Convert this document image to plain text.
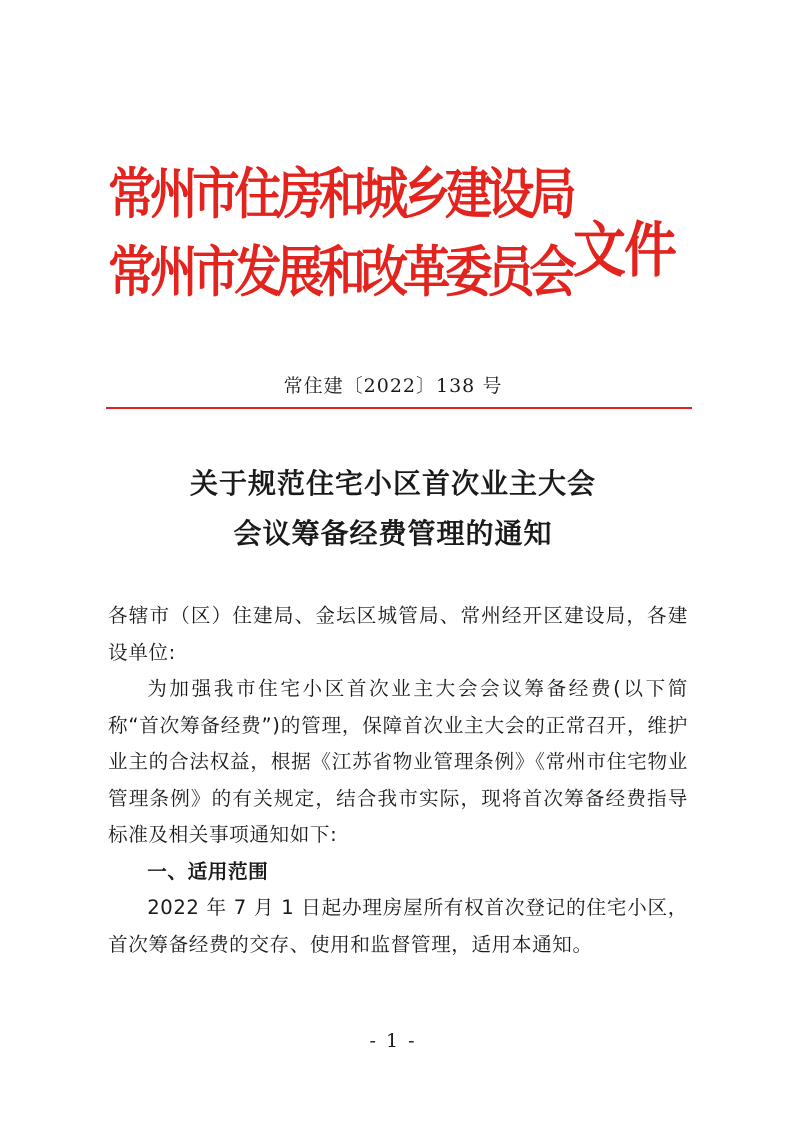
常州市住房和城乡建设局
常州市发展和改革委员会 文件
常住建〔2022〕138 号
关于规范住宅小区首次业主大会
会议筹备经费管理的通知

各辖市（区）住建局、金坛区城管局、常州经开区建设局，各建设单位:

为加强我市住宅小区首次业主大会会议筹备经费(以下简称“首次筹备经费”)的管理，保障首次业主大会的正常召开，维护业主的合法权益，根据《江苏省物业管理条例》《常州市住宅物业管理条例》的有关规定，结合我市实际，现将首次筹备经费指导标准及相关事项通知如下:

一、适用范围

2022 年 7 月 1 日起办理房屋所有权首次登记的住宅小区，首次筹备经费的交存、使用和监督管理，适用本通知。

- 1 -
